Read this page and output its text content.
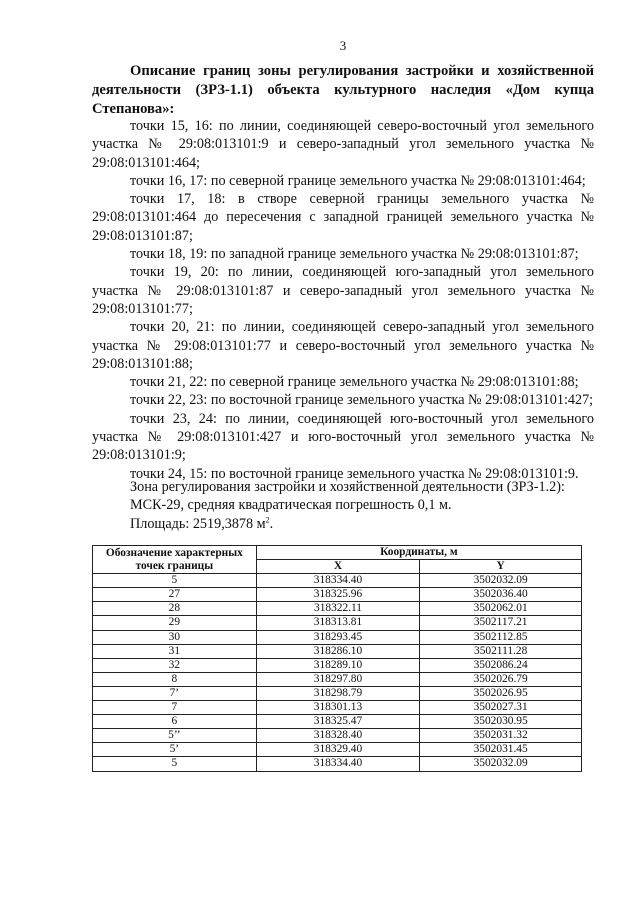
3
Описание границ зоны регулирования застройки и хозяйственной деятельности (ЗРЗ-1.1) объекта культурного наследия «Дом купца Степанова»:

точки 15, 16: по линии, соединяющей северо-восточный угол земельного участка № 29:08:013101:9 и северо-западный угол земельного участка № 29:08:013101:464;

точки 16, 17: по северной границе земельного участка № 29:08:013101:464;

точки 17, 18: в створе северной границы земельного участка № 29:08:013101:464 до пересечения с западной границей земельного участка № 29:08:013101:87;

точки 18, 19: по западной границе земельного участка № 29:08:013101:87;

точки 19, 20: по линии, соединяющей юго-западный угол земельного участка № 29:08:013101:87 и северо-западный угол земельного участка № 29:08:013101:77;

точки 20, 21: по линии, соединяющей северо-западный угол земельного участка № 29:08:013101:77 и северо-восточный угол земельного участка № 29:08:013101:88;

точки 21, 22: по северной границе земельного участка № 29:08:013101:88;

точки 22, 23: по восточной границе земельного участка № 29:08:013101:427;

точки 23, 24: по линии, соединяющей юго-восточный угол земельного участка № 29:08:013101:427 и юго-восточный угол земельного участка № 29:08:013101:9;

точки 24, 15: по восточной границе земельного участка № 29:08:013101:9.

Зона регулирования застройки и хозяйственной деятельности (ЗРЗ-1.2):
МСК-29, средняя квадратическая погрешность 0,1 м.
Площадь: 2519,3878 $м^2$.
Обозначение характерных точек границы	Координаты, м	
	X	Y
5	318334.40	3502032.09
27	318325.96	3502036.40
28	318322.11	3502062.01
29	318313.81	3502117.21
30	318293.45	3502112.85
31	318286.10	3502111.28
32	318289.10	3502086.24
8	318297.80	3502026.79
7’	318298.79	3502026.95
7	318301.13	3502027.31
6	318325.47	3502030.95
5’’	318328.40	3502031.32
5’	318329.40	3502031.45
5	318334.40	3502032.09
